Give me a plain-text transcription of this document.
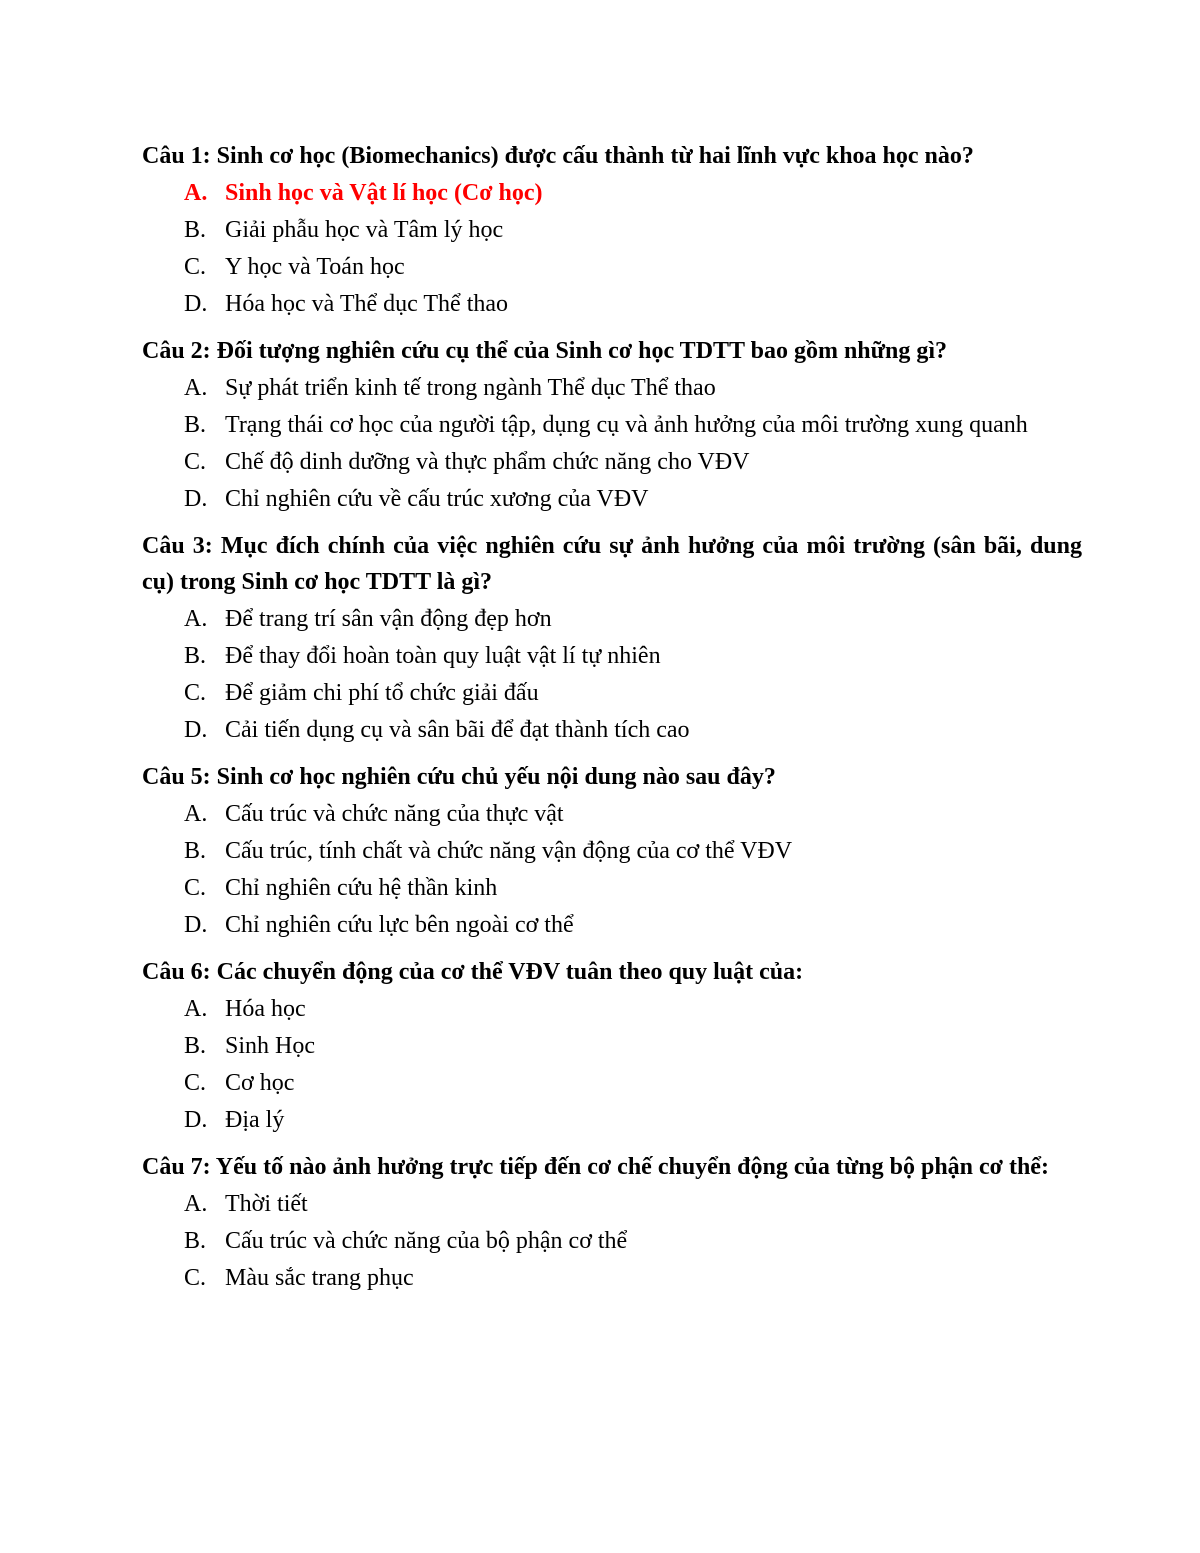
Câu 1: Sinh cơ học (Biomechanics) được cấu thành từ hai lĩnh vực khoa học nào?

A. Sinh học và Vật lí học (Cơ học)
B. Giải phẫu học và Tâm lý học
C. Y học và Toán học
D. Hóa học và Thể dục Thể thao

Câu 2: Đối tượng nghiên cứu cụ thể của Sinh cơ học TDTT bao gồm những gì?

A. Sự phát triển kinh tế trong ngành Thể dục Thể thao
B. Trạng thái cơ học của người tập, dụng cụ và ảnh hưởng của môi trường xung quanh
C. Chế độ dinh dưỡng và thực phẩm chức năng cho VĐV
D. Chỉ nghiên cứu về cấu trúc xương của VĐV

Câu 3: Mục đích chính của việc nghiên cứu sự ảnh hưởng của môi trường (sân bãi, dung cụ) trong Sinh cơ học TDTT là gì?

A. Để trang trí sân vận động đẹp hơn
B. Để thay đổi hoàn toàn quy luật vật lí tự nhiên
C. Để giảm chi phí tổ chức giải đấu
D. Cải tiến dụng cụ và sân bãi để đạt thành tích cao

Câu 5: Sinh cơ học nghiên cứu chủ yếu nội dung nào sau đây?

A. Cấu trúc và chức năng của thực vật
B. Cấu trúc, tính chất và chức năng vận động của cơ thể VĐV
C. Chỉ nghiên cứu hệ thần kinh
D. Chỉ nghiên cứu lực bên ngoài cơ thể

Câu 6: Các chuyển động của cơ thể VĐV tuân theo quy luật của:

A. Hóa học
B. Sinh Học
C. Cơ học
D. Địa lý

Câu 7: Yếu tố nào ảnh hưởng trực tiếp đến cơ chế chuyển động của từng bộ phận cơ thể:

A. Thời tiết
B. Cấu trúc và chức năng của bộ phận cơ thể
C. Màu sắc trang phục
